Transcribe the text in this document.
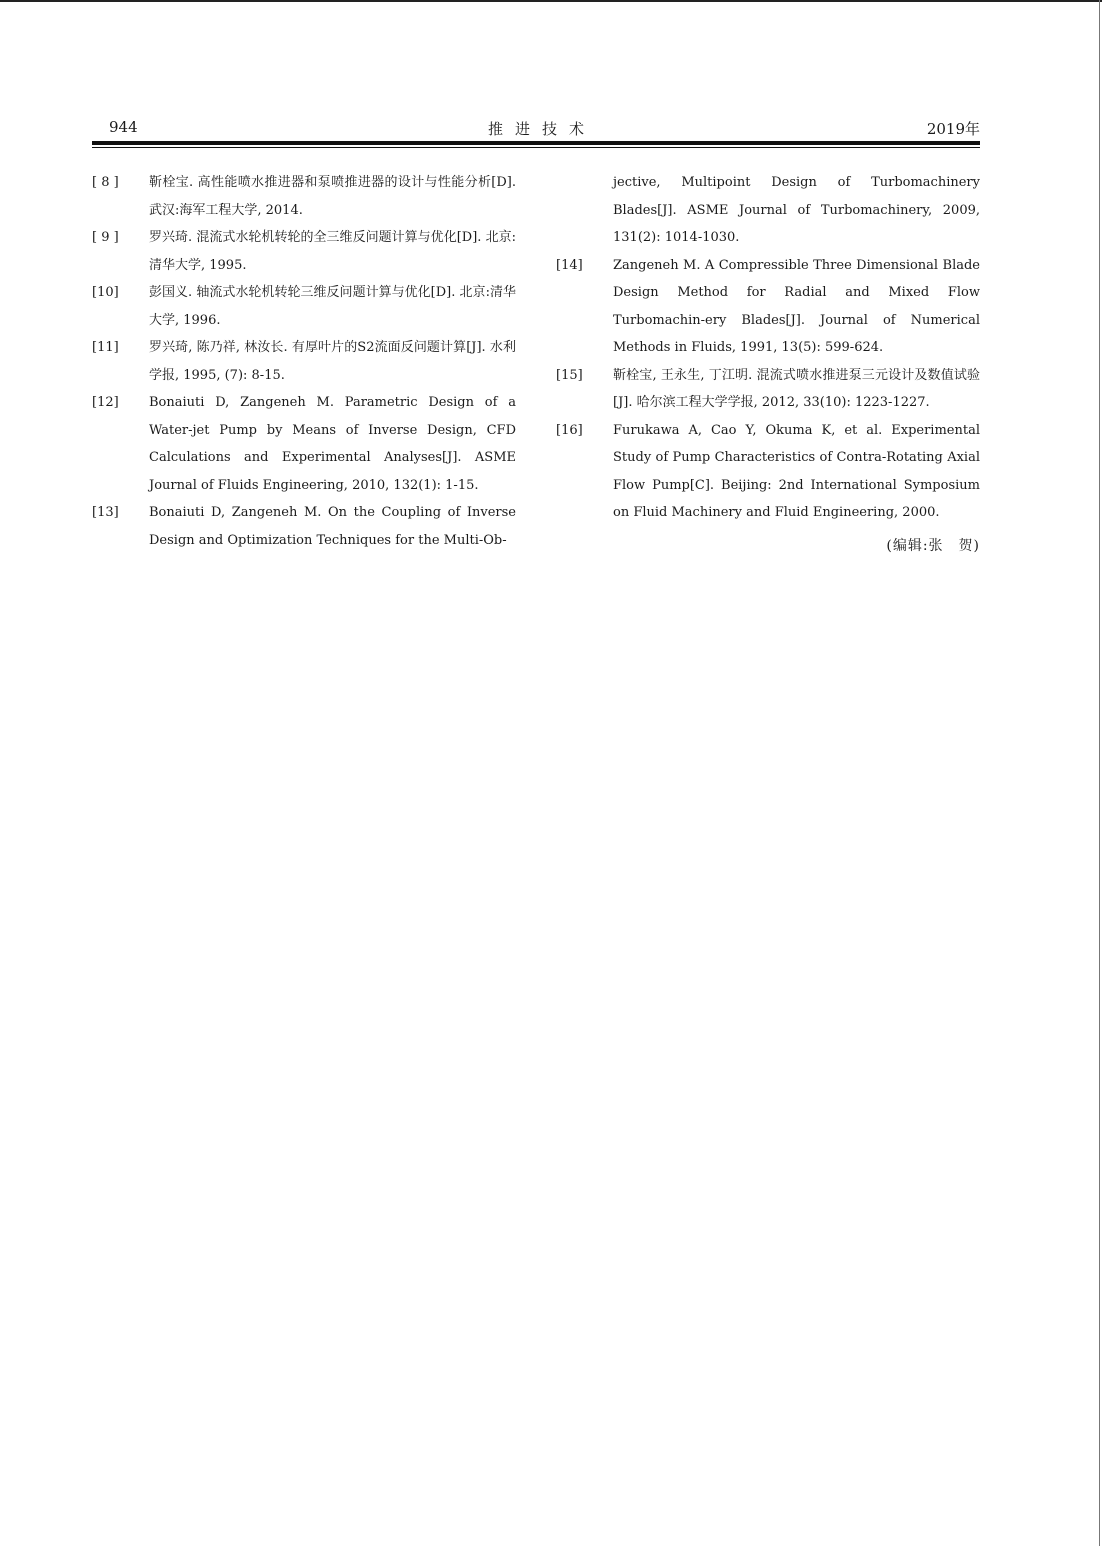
944	推进技术	2019年
[ 8 ]	靳栓宝. 高性能喷水推进器和泵喷推进器的设计与性能分析[D]. 武汉:海军工程大学, 2014.
[ 9 ]	罗兴琦. 混流式水轮机转轮的全三维反问题计算与优化[D]. 北京:清华大学, 1995.
[10]	彭国义. 轴流式水轮机转轮三维反问题计算与优化[D]. 北京:清华大学, 1996.
[11]	罗兴琦, 陈乃祥, 林汝长. 有厚叶片的S2流面反问题计算[J]. 水利学报, 1995, (7): 8-15.
[12]	Bonaiuti D, Zangeneh M. Parametric Design of a Water-jet Pump by Means of Inverse Design, CFD Calculations and Experimental Analyses[J]. ASME Journal of Fluids Engineering, 2010, 132(1): 1-15.
[13]	Bonaiuti D, Zangeneh M. On the Coupling of Inverse Design and Optimization Techniques for the Multi-Ob-
jective, Multipoint Design of Turbomachinery Blades[J]. ASME Journal of Turbomachinery, 2009, 131(2): 1014-1030.
[14]	Zangeneh M. A Compressible Three Dimensional Blade Design Method for Radial and Mixed Flow Turbomachin-ery Blades[J]. Journal of Numerical Methods in Fluids, 1991, 13(5): 599-624.
[15]	靳栓宝, 王永生, 丁江明. 混流式喷水推进泵三元设计及数值试验[J]. 哈尔滨工程大学学报, 2012, 33(10): 1223-1227.
[16]	Furukawa A, Cao Y, Okuma K, et al. Experimental Study of Pump Characteristics of Contra-Rotating Axial Flow Pump[C]. Beijing: 2nd International Symposium on Fluid Machinery and Fluid Engineering, 2000.
(编辑:张　贺)
